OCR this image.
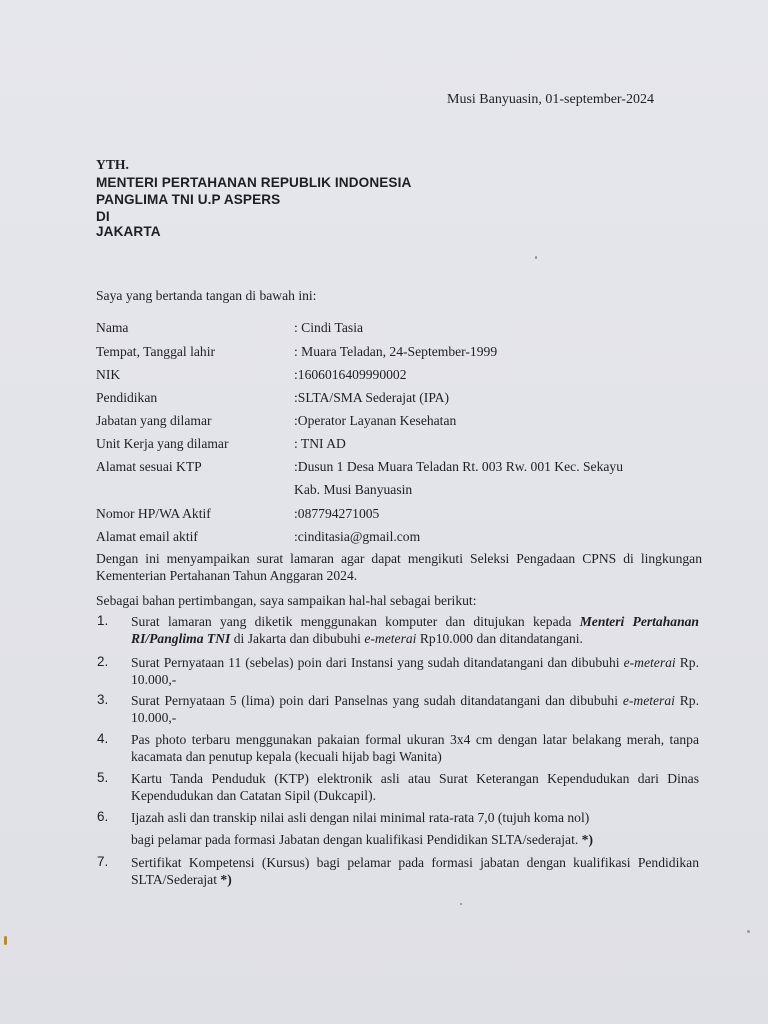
Musi Banyuasin, 01-september-2024
YTH.
MENTERI PERTAHANAN REPUBLIK INDONESIA
PANGLIMA TNI U.P ASPERS
DI
JAKARTA
Saya yang bertanda tangan di bawah ini:
Nama	: Cindi Tasia
Tempat, Tanggal lahir	: Muara Teladan, 24-September-1999
NIK	:1606016409990002
Pendidikan	:SLTA/SMA Sederajat (IPA)
Jabatan yang dilamar	:Operator Layanan Kesehatan
Unit Kerja yang dilamar	: TNI AD
Alamat sesuai KTP	:Dusun 1 Desa Muara Teladan Rt. 003 Rw. 001 Kec. Sekayu
Kab. Musi Banyuasin
Nomor HP/WA Aktif	:087794271005
Alamat email aktif	:cinditasia@gmail.com
Dengan ini menyampaikan surat lamaran agar dapat mengikuti Seleksi Pengadaan CPNS di lingkungan Kementerian Pertahanan Tahun Anggaran 2024.
Sebagai bahan pertimbangan, saya sampaikan hal-hal sebagai berikut:
1. Surat lamaran yang diketik menggunakan komputer dan ditujukan kepada Menteri Pertahanan RI/Panglima TNI di Jakarta dan dibubuhi e-meterai Rp10.000 dan ditandatangani.
2. Surat Pernyataan 11 (sebelas) poin dari Instansi yang sudah ditandatangani dan dibubuhi e-meterai Rp. 10.000,-
3. Surat Pernyataan 5 (lima) poin dari Panselnas yang sudah ditandatangani dan dibubuhi e-meterai Rp. 10.000,-
4. Pas photo terbaru menggunakan pakaian formal ukuran 3x4 cm dengan latar belakang merah, tanpa kacamata dan penutup kepala (kecuali hijab bagi Wanita)
5. Kartu Tanda Penduduk (KTP) elektronik asli atau Surat Keterangan Kependudukan dari Dinas Kependudukan dan Catatan Sipil (Dukcapil).
6. Ijazah asli dan transkip nilai asli dengan nilai minimal rata-rata 7,0 (tujuh koma nol)
bagi pelamar pada formasi Jabatan dengan kualifikasi Pendidikan SLTA/sederajat. *)
7. Sertifikat Kompetensi (Kursus) bagi pelamar pada formasi jabatan dengan kualifikasi Pendidikan SLTA/Sederajat *)
